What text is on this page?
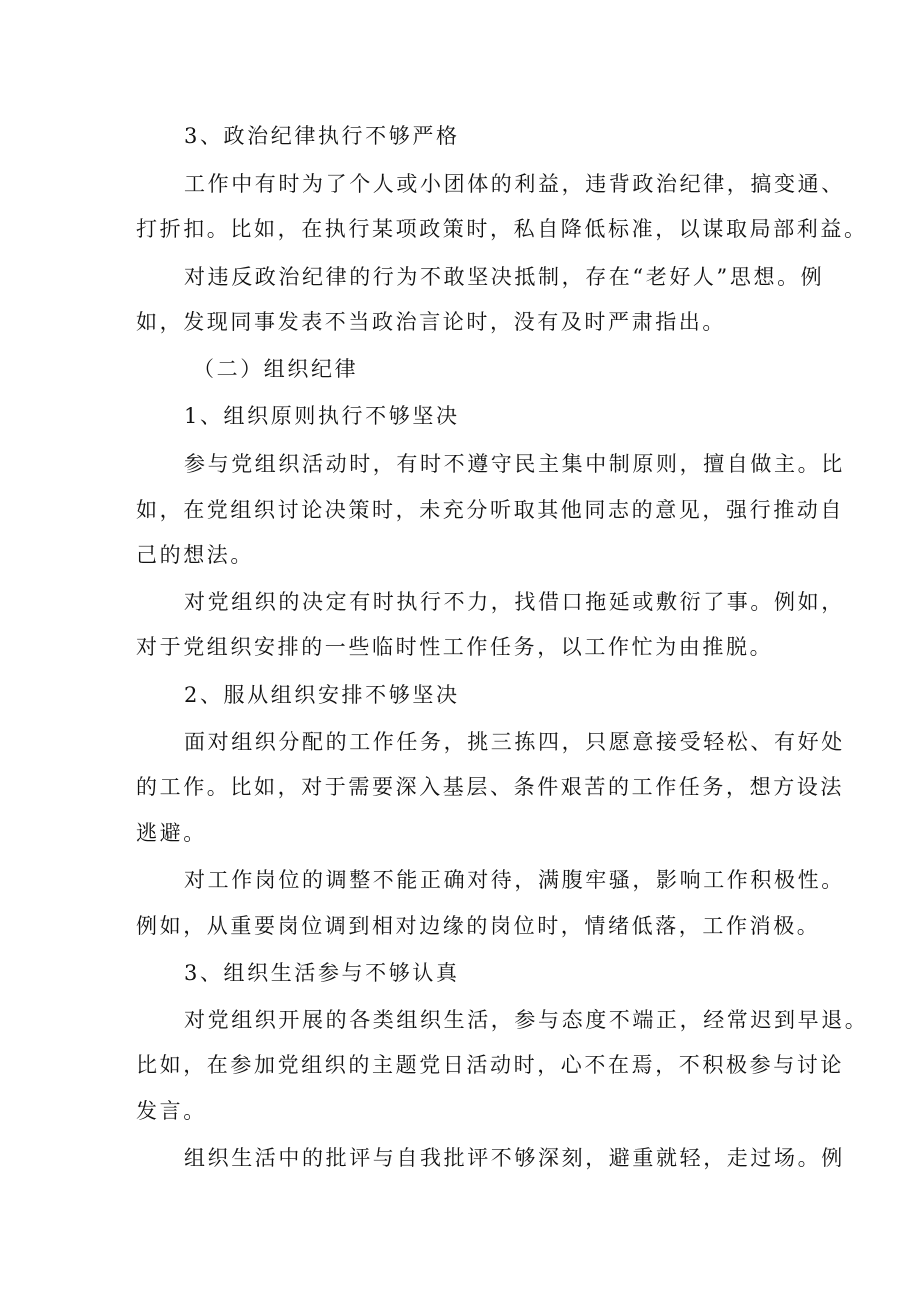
3、政治纪律执行不够严格

工作中有时为了个人或小团体的利益，违背政治纪律，搞变通、

打折扣。比如，在执行某项政策时，私自降低标准，以谋取局部利益。

对违反政治纪律的行为不敢坚决抵制，存在“老好人”思想。例

如，发现同事发表不当政治言论时，没有及时严肃指出。

（二）组织纪律

1、组织原则执行不够坚决

参与党组织活动时，有时不遵守民主集中制原则，擅自做主。比

如，在党组织讨论决策时，未充分听取其他同志的意见，强行推动自

己的想法。

对党组织的决定有时执行不力，找借口拖延或敷衍了事。例如，

对于党组织安排的一些临时性工作任务，以工作忙为由推脱。

2、服从组织安排不够坚决

面对组织分配的工作任务，挑三拣四，只愿意接受轻松、有好处

的工作。比如，对于需要深入基层、条件艰苦的工作任务，想方设法

逃避。

对工作岗位的调整不能正确对待，满腹牢骚，影响工作积极性。

例如，从重要岗位调到相对边缘的岗位时，情绪低落，工作消极。

3、组织生活参与不够认真

对党组织开展的各类组织生活，参与态度不端正，经常迟到早退。

比如，在参加党组织的主题党日活动时，心不在焉，不积极参与讨论

发言。

组织生活中的批评与自我批评不够深刻，避重就轻，走过场。例
